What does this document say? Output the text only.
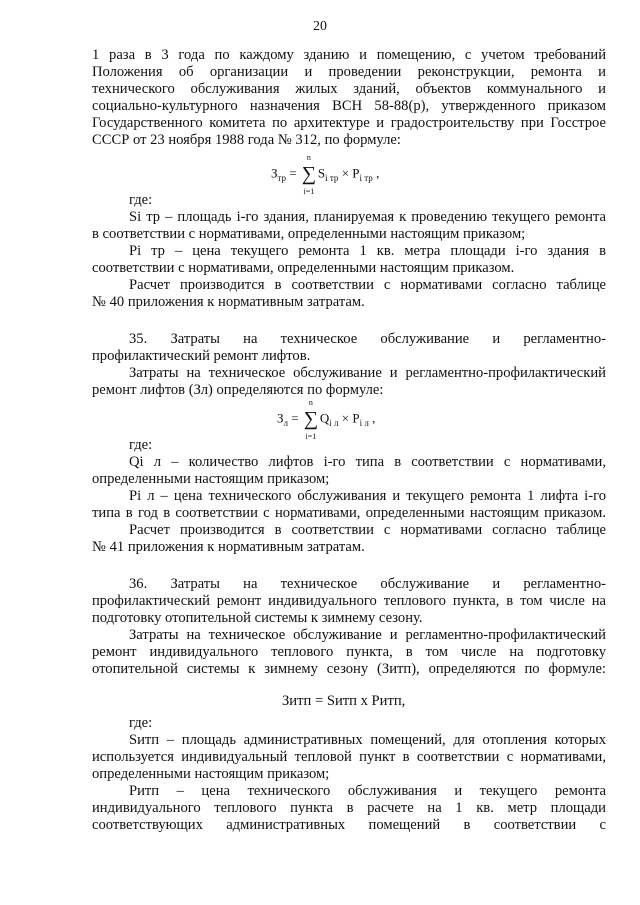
20
1 раза в 3 года по каждому зданию и помещению, с учетом требований
Положения об организации и проведении реконструкции, ремонта и
технического обслуживания жилых зданий, объектов коммунального и
социально-культурного назначения ВСН 58-88(р), утвержденного приказом
Государственного комитета по архитектуре и градостроительству при Госстрое
СССР от 23 ноября 1988 года № 312, по формуле:
$З_{тр}$ =
n
∑
i=1
$S_{i тр} \times P_{i тр}$ ,
где:
Si тр – площадь i-го здания, планируемая к проведению текущего ремонта
в соответствии с нормативами, определенными настоящим приказом;
Pi тр – цена текущего ремонта 1 кв. метра площади i-го здания в
соответствии с нормативами, определенными настоящим приказом.
Расчет производится в соответствии с нормативами согласно таблице
№ 40 приложения к нормативным затратам.
35. Затраты на техническое обслуживание и регламентно-
профилактический ремонт лифтов.
Затраты на техническое обслуживание и регламентно-профилактический
ремонт лифтов (Зл) определяются по формуле:
$З_л$ =
n
∑
i=1
$Q_{i л} \times P_{i л}$ ,
где:
Qi л – количество лифтов i-го типа в соответствии с нормативами,
определенными настоящим приказом;
Pi л – цена технического обслуживания и текущего ремонта 1 лифта i-го
типа в год в соответствии с нормативами, определенными настоящим приказом.
Расчет производится в соответствии с нормативами согласно таблице
№ 41 приложения к нормативным затратам.
36. Затраты на техническое обслуживание и регламентно-
профилактический ремонт индивидуального теплового пункта, в том числе на
подготовку отопительной системы к зимнему сезону.
Затраты на техническое обслуживание и регламентно-профилактический
ремонт индивидуального теплового пункта, в том числе на подготовку
отопительной системы к зимнему сезону (Зитп), определяются по формуле:
Зитп = Sитп x Pитп,
где:
Sитп – площадь административных помещений, для отопления которых
используется индивидуальный тепловой пункт в соответствии с нормативами,
определенными настоящим приказом;
Pитп – цена технического обслуживания и текущего ремонта
индивидуального теплового пункта в расчете на 1 кв. метр площади
соответствующих административных помещений в соответствии с
